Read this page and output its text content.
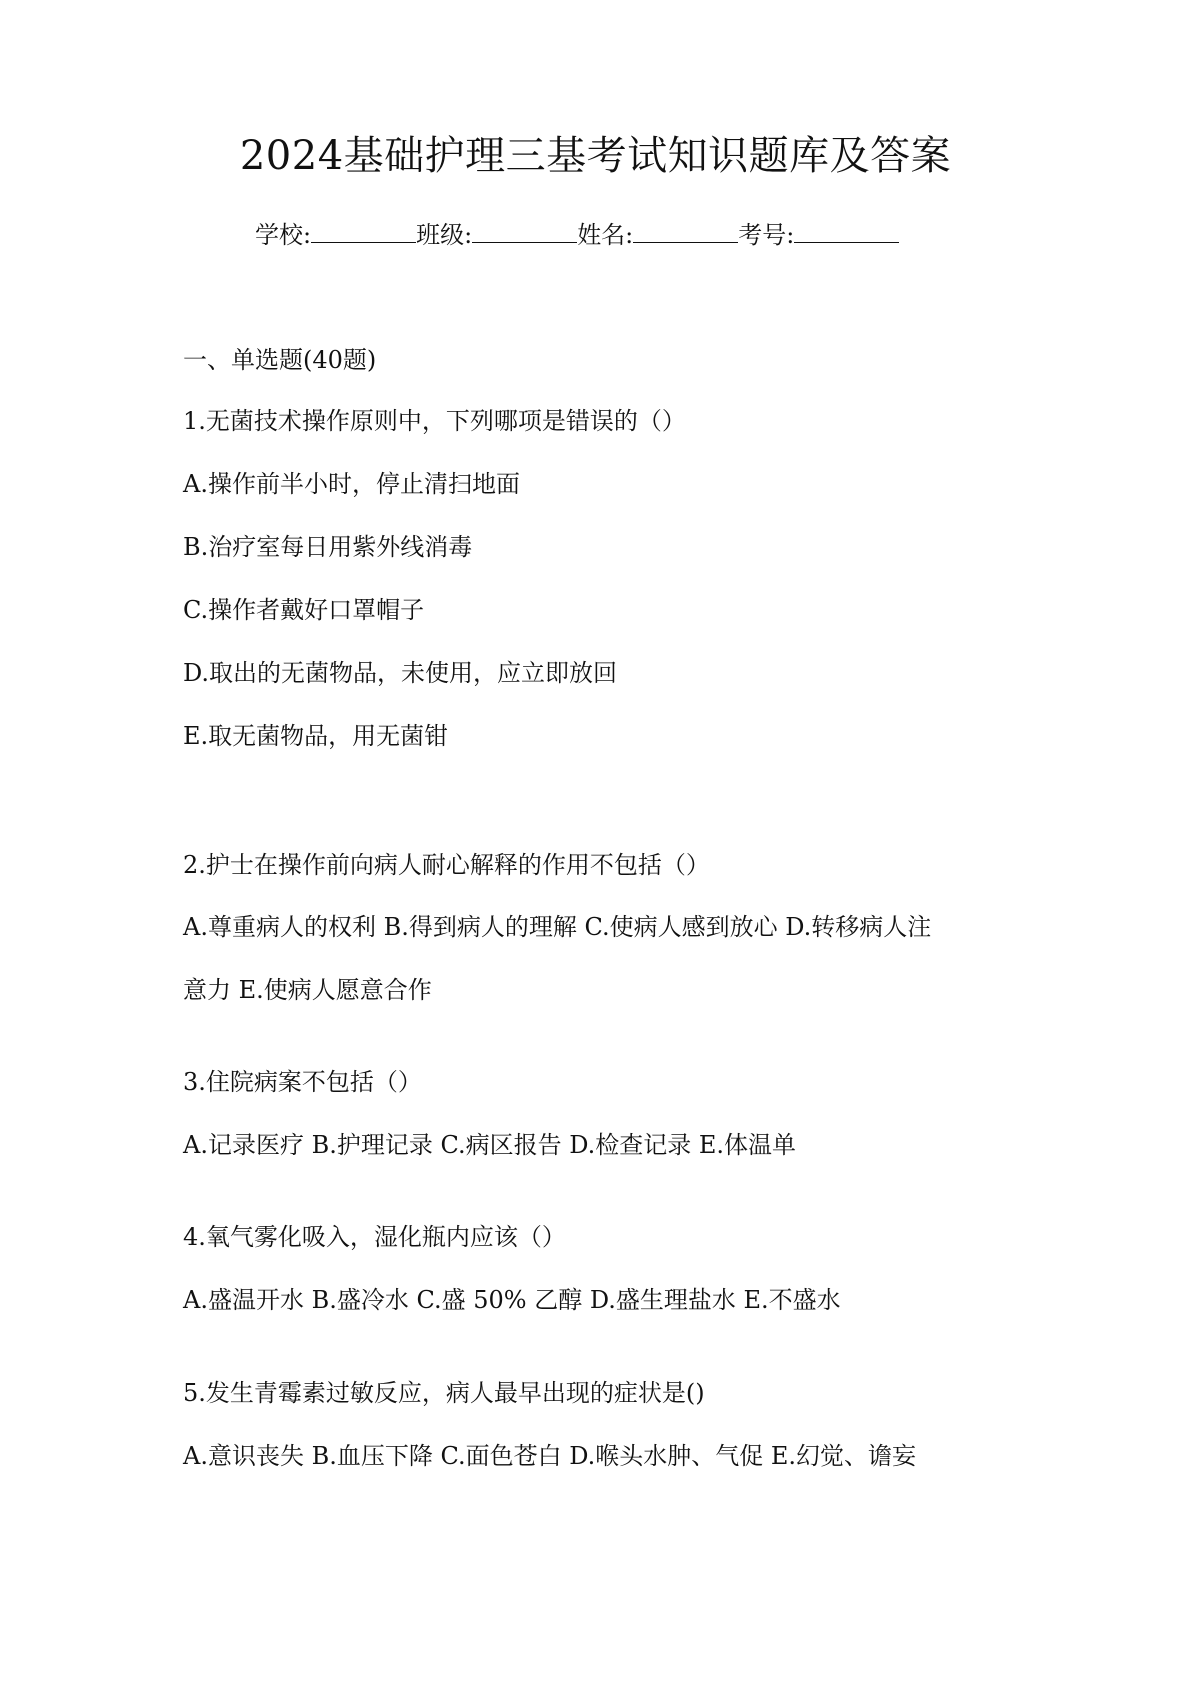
2024基础护理三基考试知识题库及答案
学校:	班级:	姓名:	考号:
一、单选题(40题)
1.无菌技术操作原则中，下列哪项是错误的（）
A.操作前半小时，停止清扫地面
B.治疗室每日用紫外线消毒
C.操作者戴好口罩帽子
D.取出的无菌物品，未使用，应立即放回
E.取无菌物品，用无菌钳
2.护士在操作前向病人耐心解释的作用不包括（）
A.尊重病人的权利 B.得到病人的理解 C.使病人感到放心 D.转移病人注
意力 E.使病人愿意合作
3.住院病案不包括（）
A.记录医疗 B.护理记录 C.病区报告 D.检查记录 E.体温单
4.氧气雾化吸入，湿化瓶内应该（）
A.盛温开水 B.盛冷水 C.盛 50% 乙醇 D.盛生理盐水 E.不盛水
5.发生青霉素过敏反应，病人最早出现的症状是()
A.意识丧失 B.血压下降 C.面色苍白 D.喉头水肿、气促 E.幻觉、谵妄
